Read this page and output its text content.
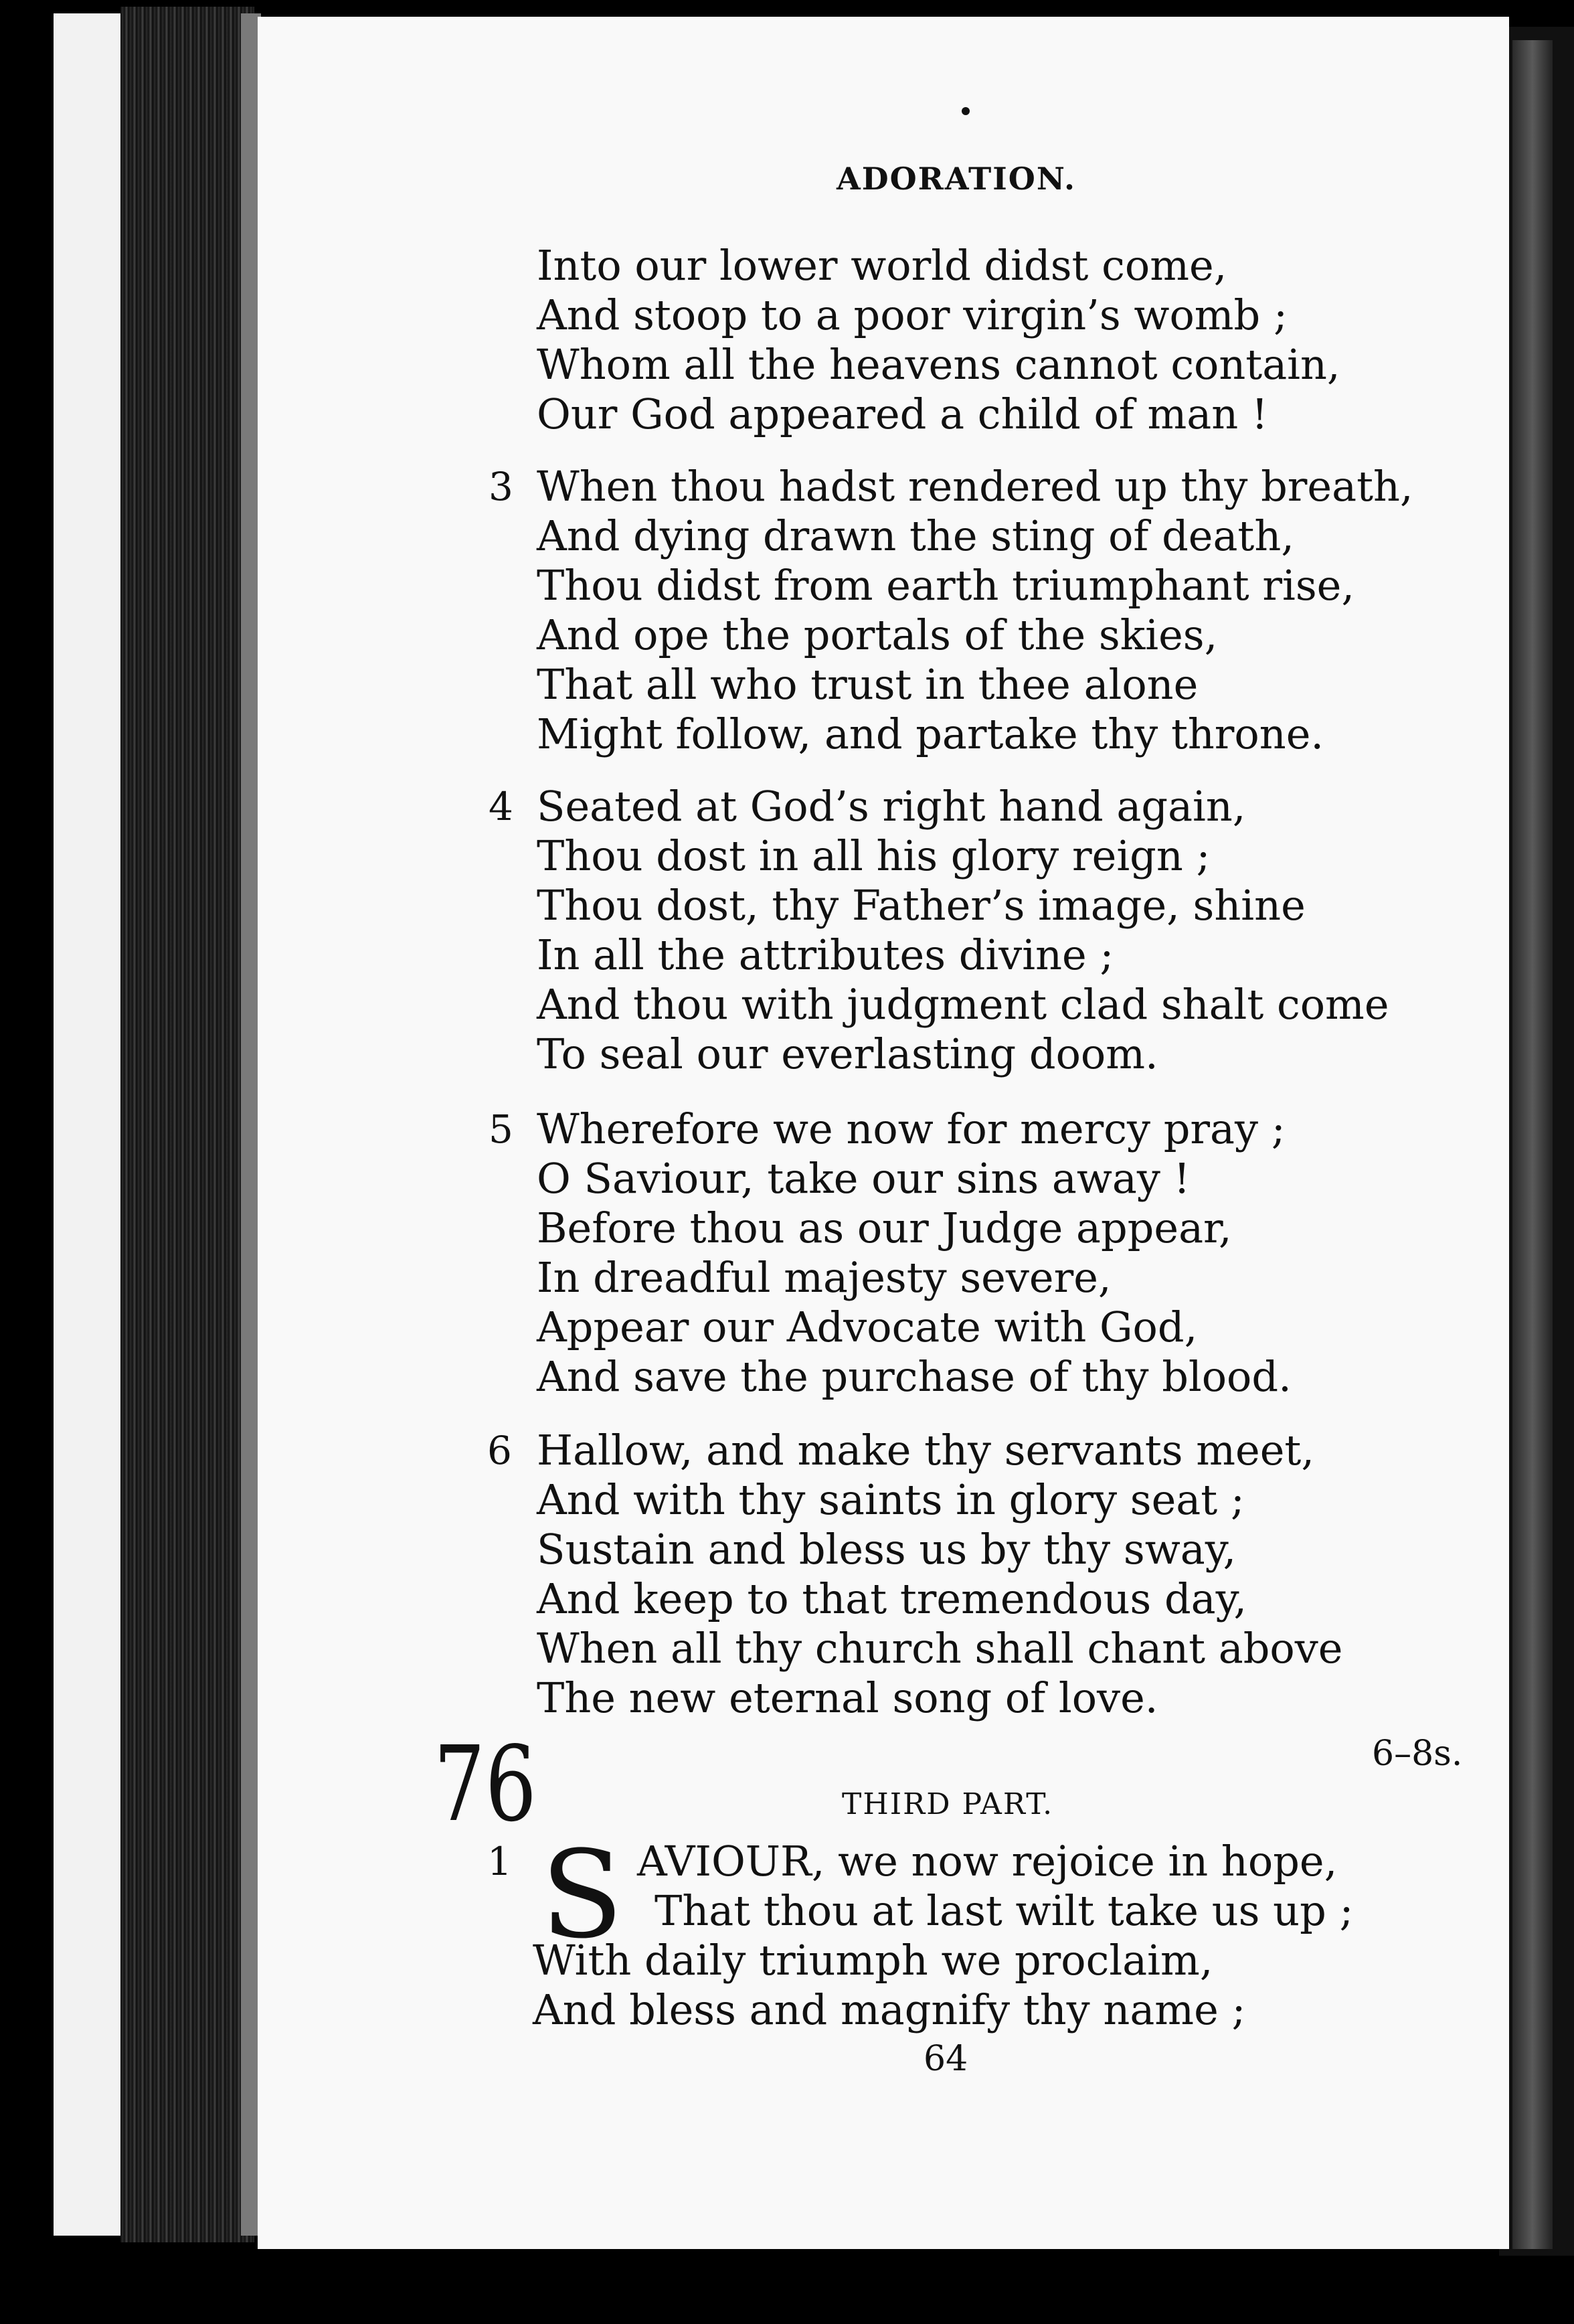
ADORATION.
Into our lower world didst come,
And stoop to a poor virgin’s womb ;
Whom all the heavens cannot contain,
Our God appeared a child of man !
3 When thou hadst rendered up thy breath,
And dying drawn the sting of death,
Thou didst from earth triumphant rise,
And ope the portals of the skies,
That all who trust in thee alone
Might follow, and partake thy throne.
4 Seated at God’s right hand again,
Thou dost in all his glory reign ;
Thou dost, thy Father’s image, shine
In all the attributes divine ;
And thou with judgment clad shalt come
To seal our everlasting doom.
5 Wherefore we now for mercy pray ;
O Saviour, take our sins away !
Before thou as our Judge appear,
In dreadful majesty severe,
Appear our Advocate with God,
And save the purchase of thy blood.
6 Hallow, and make thy servants meet,
And with thy saints in glory seat ;
Sustain and bless us by thy sway,
And keep to that tremendous day,
When all thy church shall chant above
The new eternal song of love.
76	6–8s.
THIRD PART.
1 S AVIOUR, we now rejoice in hope,
That thou at last wilt take us up ;
With daily triumph we proclaim,
And bless and magnify thy name ;
64
